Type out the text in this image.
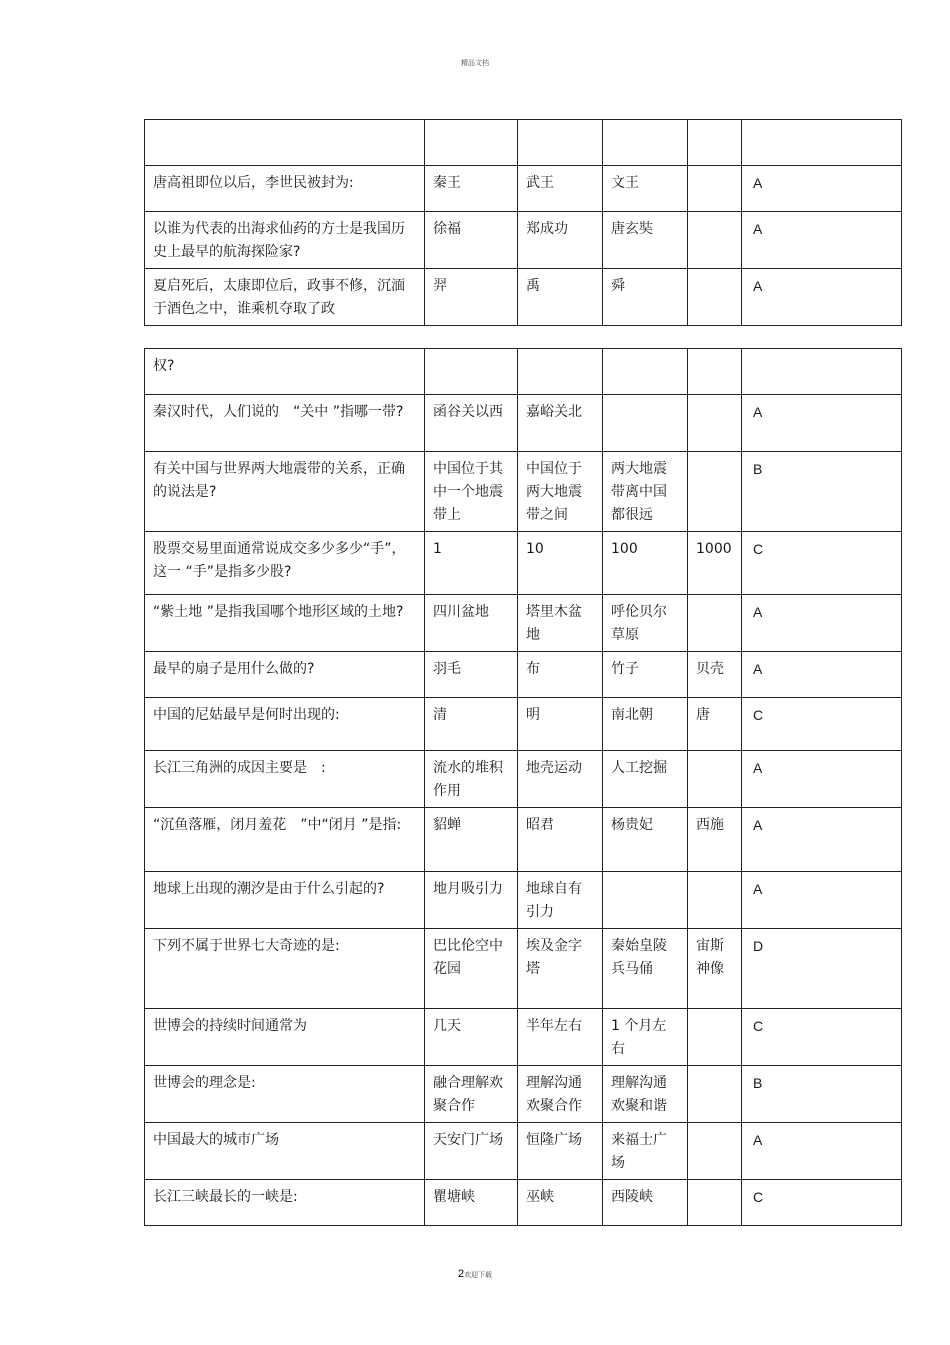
精品文档

唐高祖即位以后，李世民被封为:	秦王	武王	文王		A
以谁为代表的出海求仙药的方士是我国历史上最早的航海探险家?	徐福	郑成功	唐玄奘		A
夏启死后，太康即位后，政事不修，沉湎于酒色之中，谁乘机夺取了政	羿	禹	舜		A
权?					
秦汉时代，人们说的　“关中 ”指哪一带?	函谷关以西	嘉峪关北			A
有关中国与世界两大地震带的关系，正确的说法是?	中国位于其中一个地震带上	中国位于两大地震带之间	两大地震带离中国都很远		B
股票交易里面通常说成交多少多少“手”，这一 “手”是指多少股?	1	10	100	1000	C
“紫土地 ”是指我国哪个地形区域的土地?	四川盆地	塔里木盆地	呼伦贝尔草原		A
最早的扇子是用什么做的?	羽毛	布	竹子	贝壳	A
中国的尼姑最早是何时出现的:	清	明	南北朝	唐	C
长江三角洲的成因主要是　:	流水的堆积作用	地壳运动	人工挖掘		A
“沉鱼落雁，闭月羞花　”中“闭月 ”是指:	貂蝉	昭君	杨贵妃	西施	A
地球上出现的潮汐是由于什么引起的?	地月吸引力	地球自有引力			A
下列不属于世界七大奇迹的是:	巴比伦空中花园	埃及金字塔	秦始皇陵兵马俑	宙斯神像	D
世博会的持续时间通常为	几天	半年左右	1 个月左右		C
世博会的理念是:	融合理解欢聚合作	理解沟通欢聚合作	理解沟通欢聚和谐		B
中国最大的城市广场	天安门广场	恒隆广场	来福士广场		A
长江三峡最长的一峡是:	瞿塘峡	巫峡	西陵峡		C
2欢迎下载
